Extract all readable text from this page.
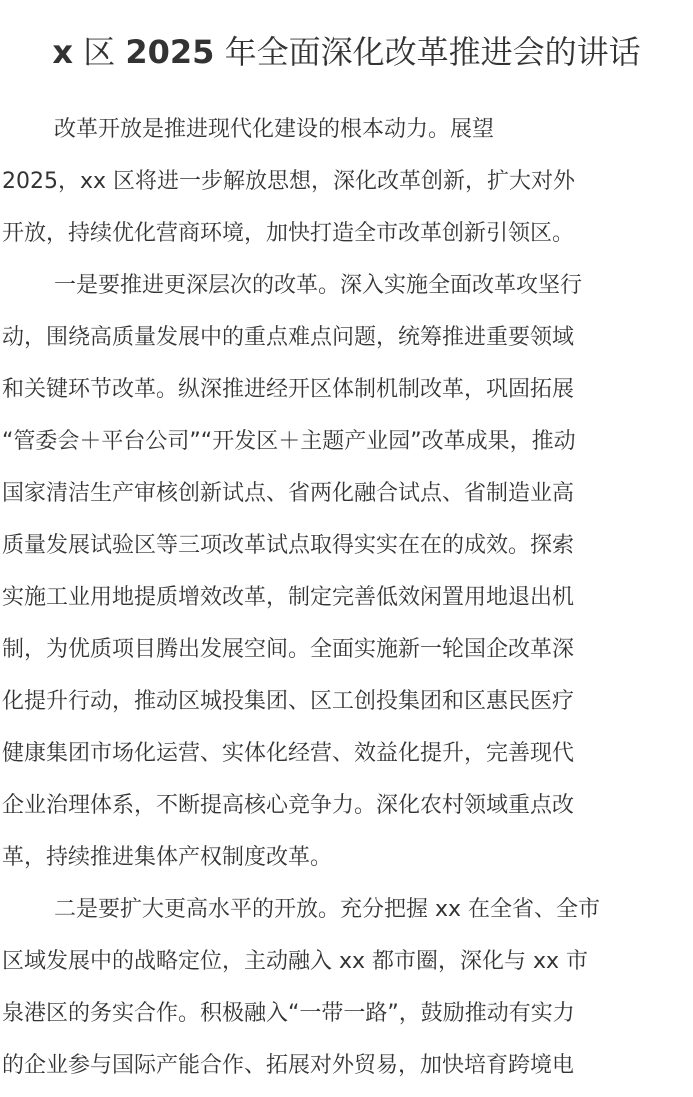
x 区 2025 年全面深化改革推进会的讲话
改革开放是推进现代化建设的根本动力。展望
2025，xx 区将进一步解放思想，深化改革创新，扩大对外
开放，持续优化营商环境，加快打造全市改革创新引领区。
一是要推进更深层次的改革。深入实施全面改革攻坚行
动，围绕高质量发展中的重点难点问题，统筹推进重要领域
和关键环节改革。纵深推进经开区体制机制改革，巩固拓展
“管委会＋平台公司”“开发区＋主题产业园”改革成果，推动
国家清洁生产审核创新试点、省两化融合试点、省制造业高
质量发展试验区等三项改革试点取得实实在在的成效。探索
实施工业用地提质增效改革，制定完善低效闲置用地退出机
制，为优质项目腾出发展空间。全面实施新一轮国企改革深
化提升行动，推动区城投集团、区工创投集团和区惠民医疗
健康集团市场化运营、实体化经营、效益化提升，完善现代
企业治理体系，不断提高核心竞争力。深化农村领域重点改
革，持续推进集体产权制度改革。
二是要扩大更高水平的开放。充分把握 xx 在全省、全市
区域发展中的战略定位，主动融入 xx 都市圈，深化与 xx 市
泉港区的务实合作。积极融入“一带一路”，鼓励推动有实力
的企业参与国际产能合作、拓展对外贸易，加快培育跨境电
